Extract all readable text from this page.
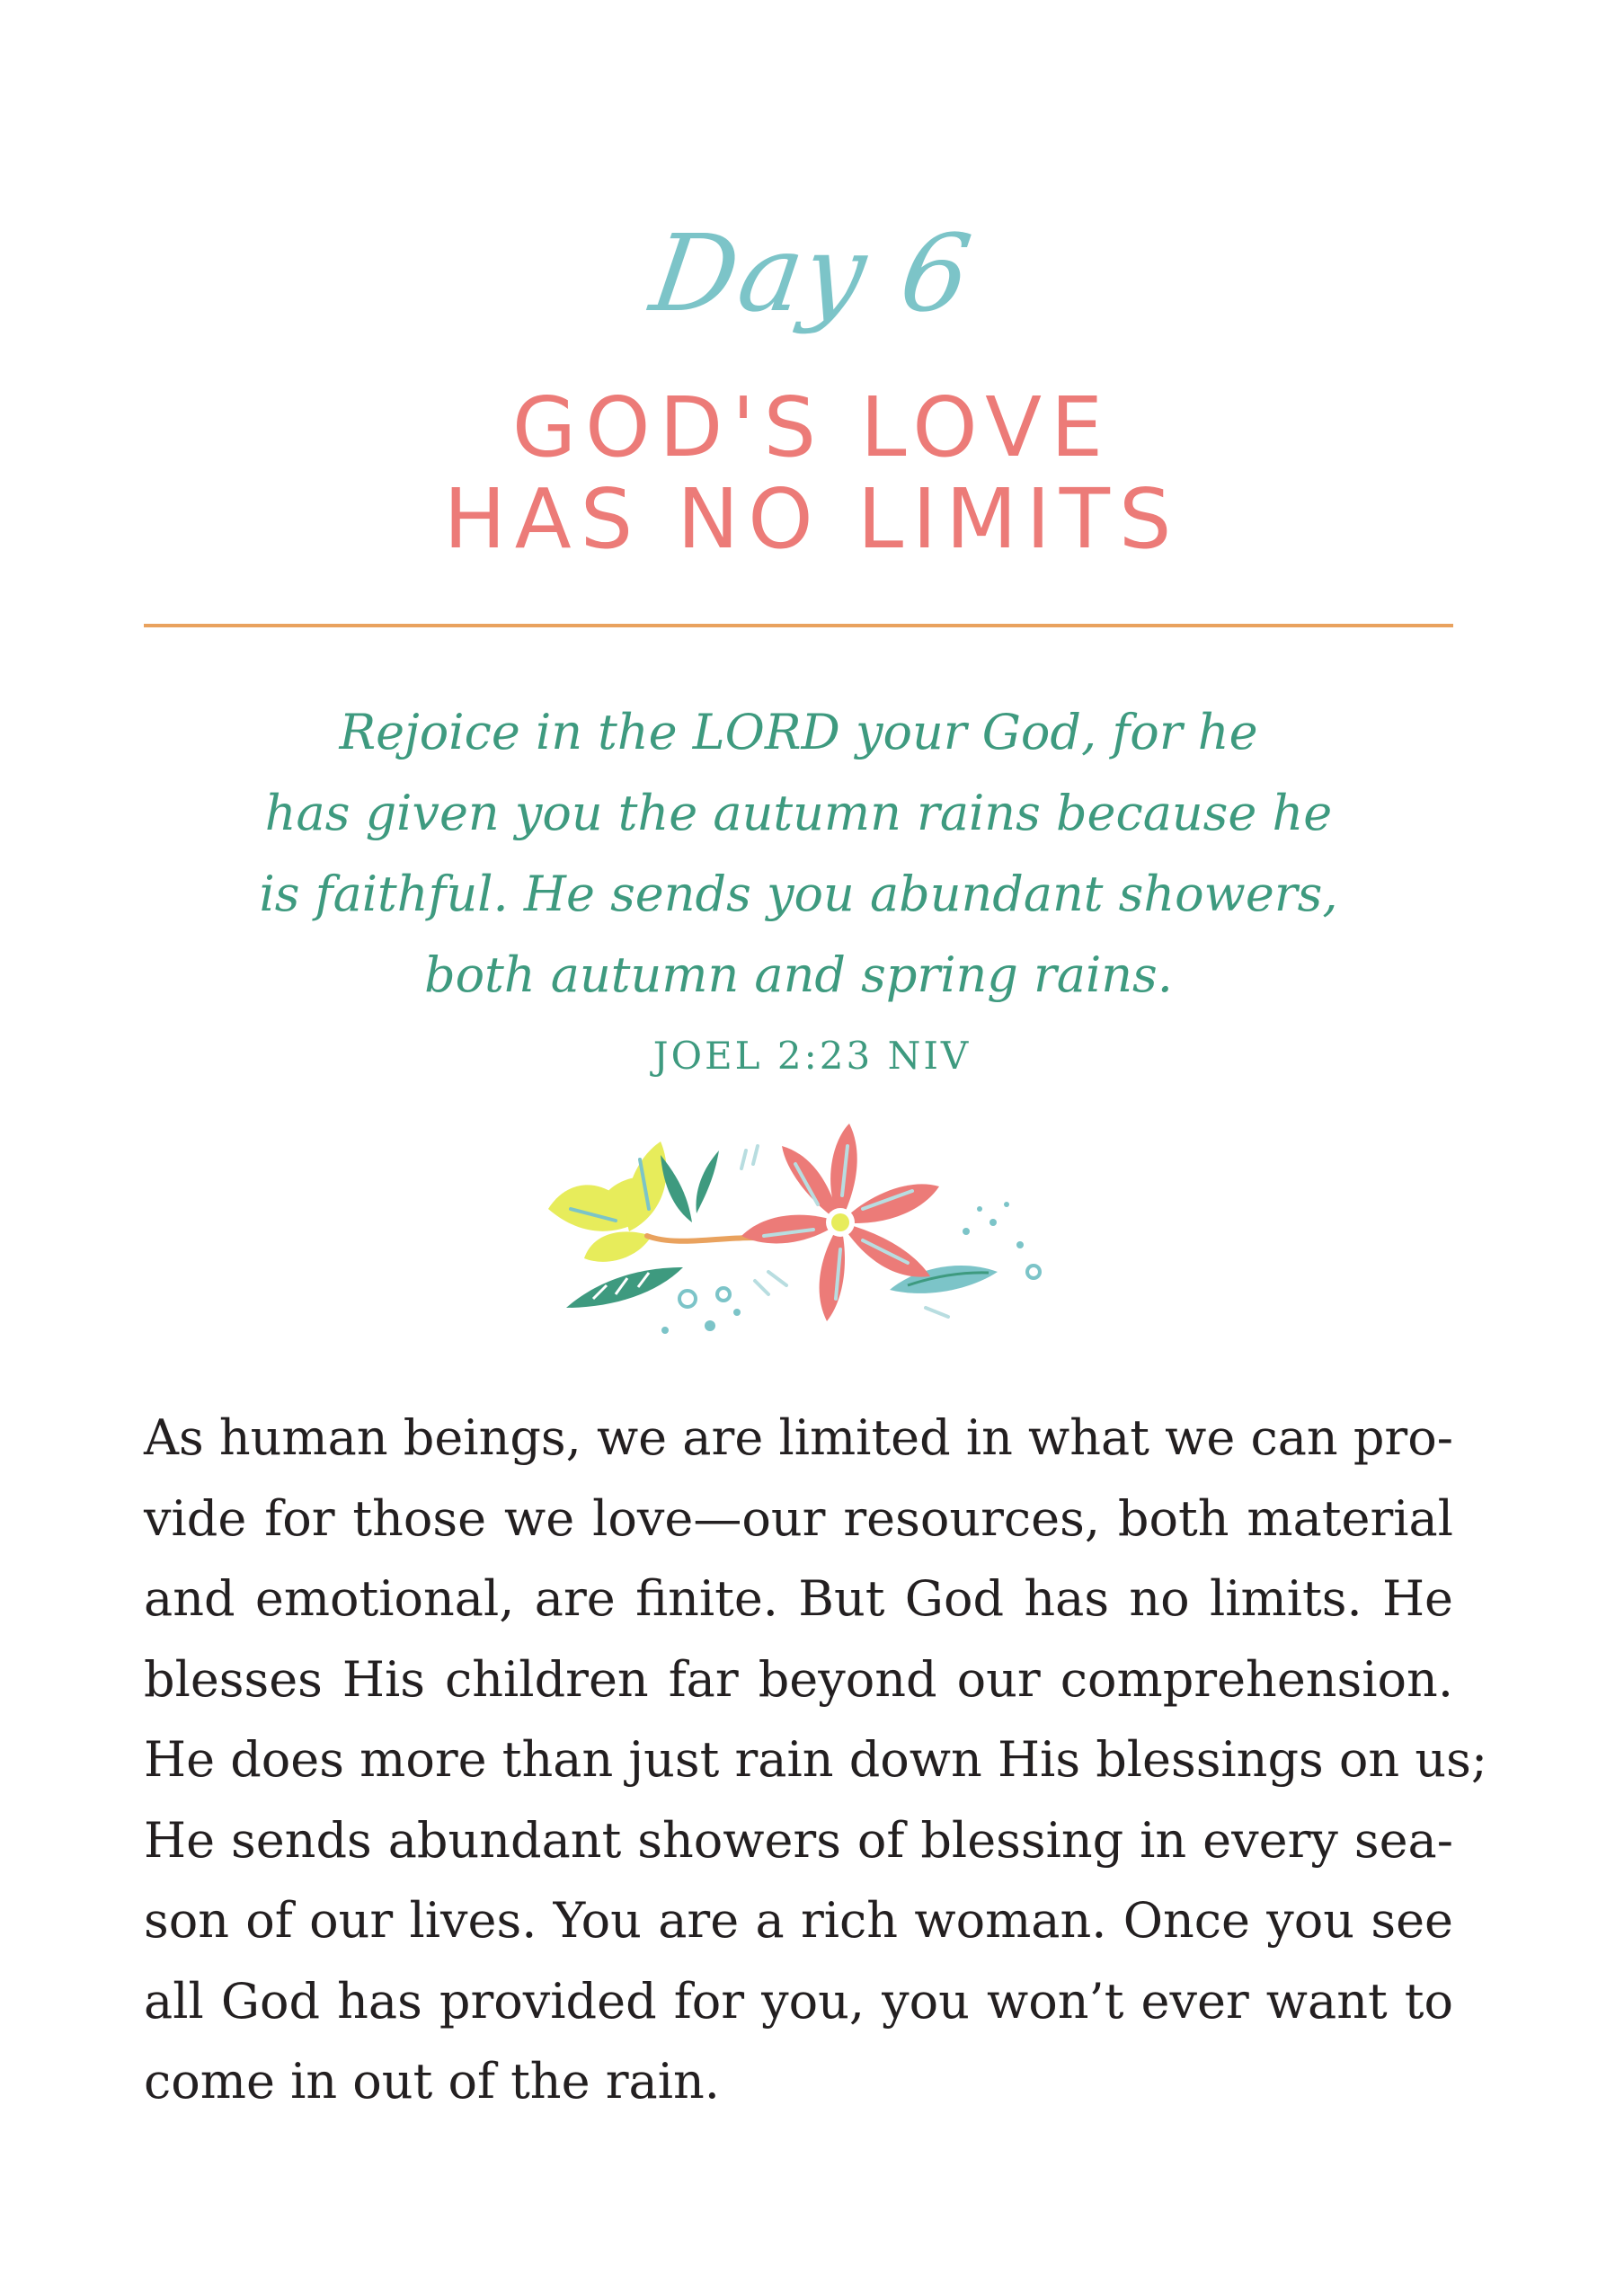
Day 6
GOD'S LOVE
HAS NO LIMITS
Rejoice in the LORD your God, for he
has given you the autumn rains because he
is faithful. He sends you abundant showers,
both autumn and spring rains.
JOEL 2:23 NIV
As human beings, we are limited in what we can pro-
vide for those we love—our resources, both material
and emotional, are finite. But God has no limits. He
blesses His children far beyond our comprehension.
He does more than just rain down His blessings on us;
He sends abundant showers of blessing in every sea-
son of our lives. You are a rich woman. Once you see
all God has provided for you, you won’t ever want to
come in out of the rain.
